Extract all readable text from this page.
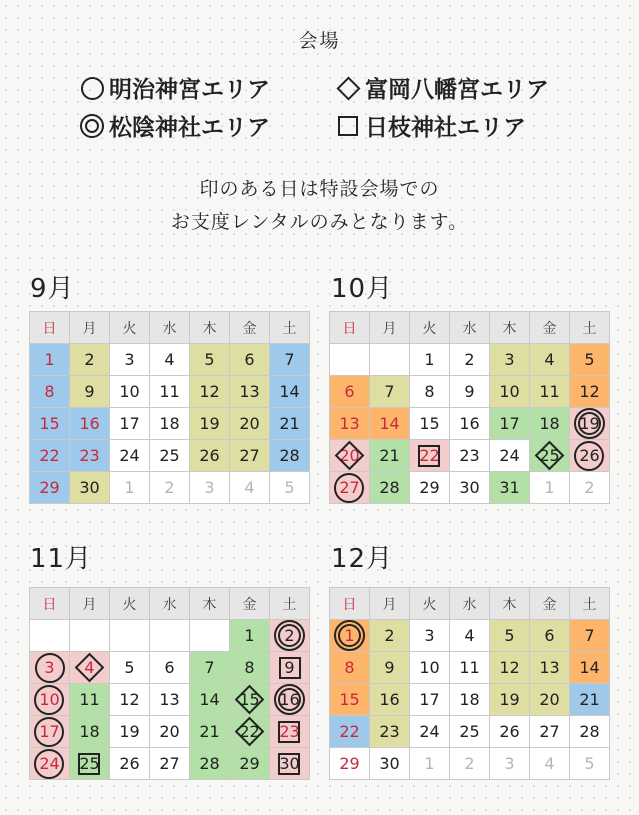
会場
明治神宮エリア	富岡八幡宮エリア
松陰神社エリア	日枝神社エリア
印のある日は特設会場での
お支度レンタルのみとなります。
9月	10月
11月	12月
日	月	火	水	木	金	土
1	2	3	4	5	6	7
8	9	10	11	12	13	14
15	16	17	18	19	20	21
22	23	24	25	26	27	28
29	30	1	2	3	4	5
日	月	火	水	木	金	土
		1	2	3	4	5
6	7	8	9	10	11	12
13	14	15	16	17	18	19
20	21	22	23	24	25	26
27	28	29	30	31	1	2
日	月	火	水	木	金	土
					1	2
3	4	5	6	7	8	9
10	11	12	13	14	15	16
17	18	19	20	21	22	23
24	25	26	27	28	29	30
日	月	火	水	木	金	土
1	2	3	4	5	6	7
8	9	10	11	12	13	14
15	16	17	18	19	20	21
22	23	24	25	26	27	28
29	30	1	2	3	4	5
